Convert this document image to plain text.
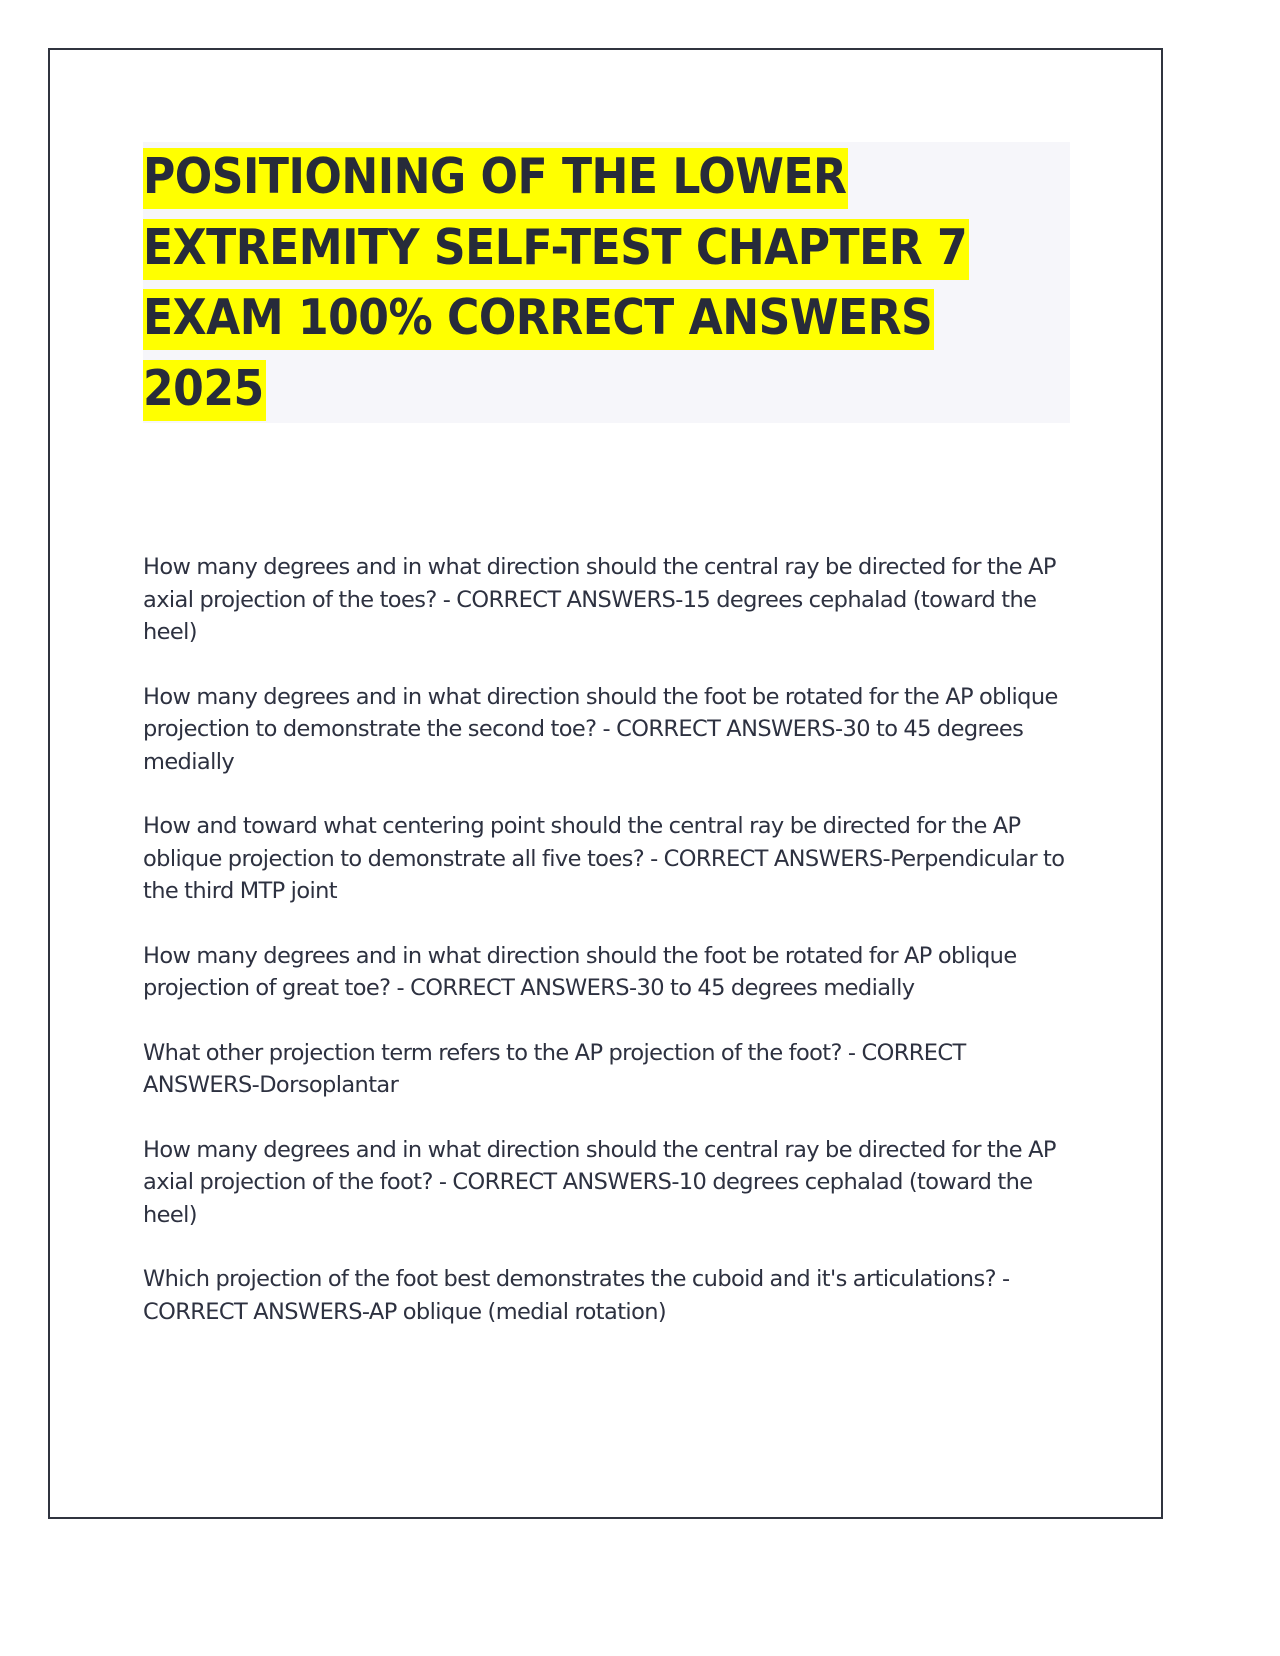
POSITIONING OF THE LOWER
EXTREMITY SELF-TEST CHAPTER 7
EXAM 100% CORRECT ANSWERS
2025

How many degrees and in what direction should the central ray be directed for the AP axial projection of the toes? - CORRECT ANSWERS-15 degrees cephalad (toward the heel)

How many degrees and in what direction should the foot be rotated for the AP oblique projection to demonstrate the second toe? - CORRECT ANSWERS-30 to 45 degrees medially

How and toward what centering point should the central ray be directed for the AP oblique projection to demonstrate all five toes? - CORRECT ANSWERS-Perpendicular to the third MTP joint

How many degrees and in what direction should the foot be rotated for AP oblique projection of great toe? - CORRECT ANSWERS-30 to 45 degrees medially

What other projection term refers to the AP projection of the foot? - CORRECT ANSWERS-Dorsoplantar

How many degrees and in what direction should the central ray be directed for the AP axial projection of the foot? - CORRECT ANSWERS-10 degrees cephalad (toward the heel)

Which projection of the foot best demonstrates the cuboid and it's articulations? - CORRECT ANSWERS-AP oblique (medial rotation)
